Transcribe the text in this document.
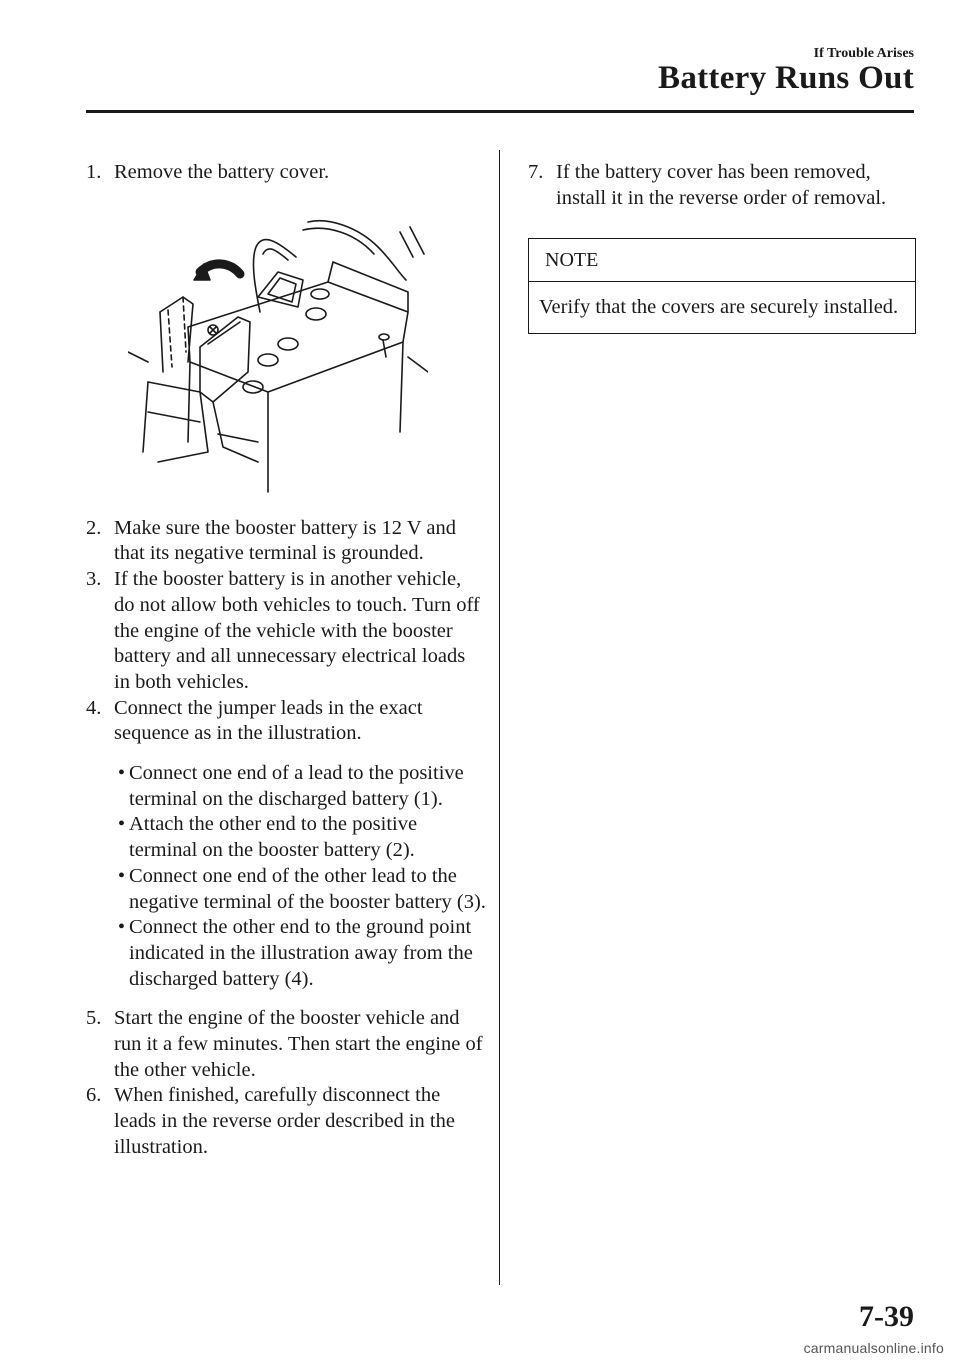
If Trouble Arises
Battery Runs Out
1. Remove the battery cover.
2. Make sure the booster battery is 12 V and that its negative terminal is grounded.
3. If the booster battery is in another vehicle, do not allow both vehicles to touch. Turn off the engine of the vehicle with the booster battery and all unnecessary electrical loads in both vehicles.
4. Connect the jumper leads in the exact sequence as in the illustration.
• Connect one end of a lead to the positive terminal on the discharged battery (1).
• Attach the other end to the positive terminal on the booster battery (2).
• Connect one end of the other lead to the negative terminal of the booster battery (3).
• Connect the other end to the ground point indicated in the illustration away from the discharged battery (4).
5. Start the engine of the booster vehicle and run it a few minutes. Then start the engine of the other vehicle.
6. When finished, carefully disconnect the leads in the reverse order described in the illustration.
7. If the battery cover has been removed, install it in the reverse order of removal.
NOTE
Verify that the covers are securely installed.
7-39
carmanualsonline.info
